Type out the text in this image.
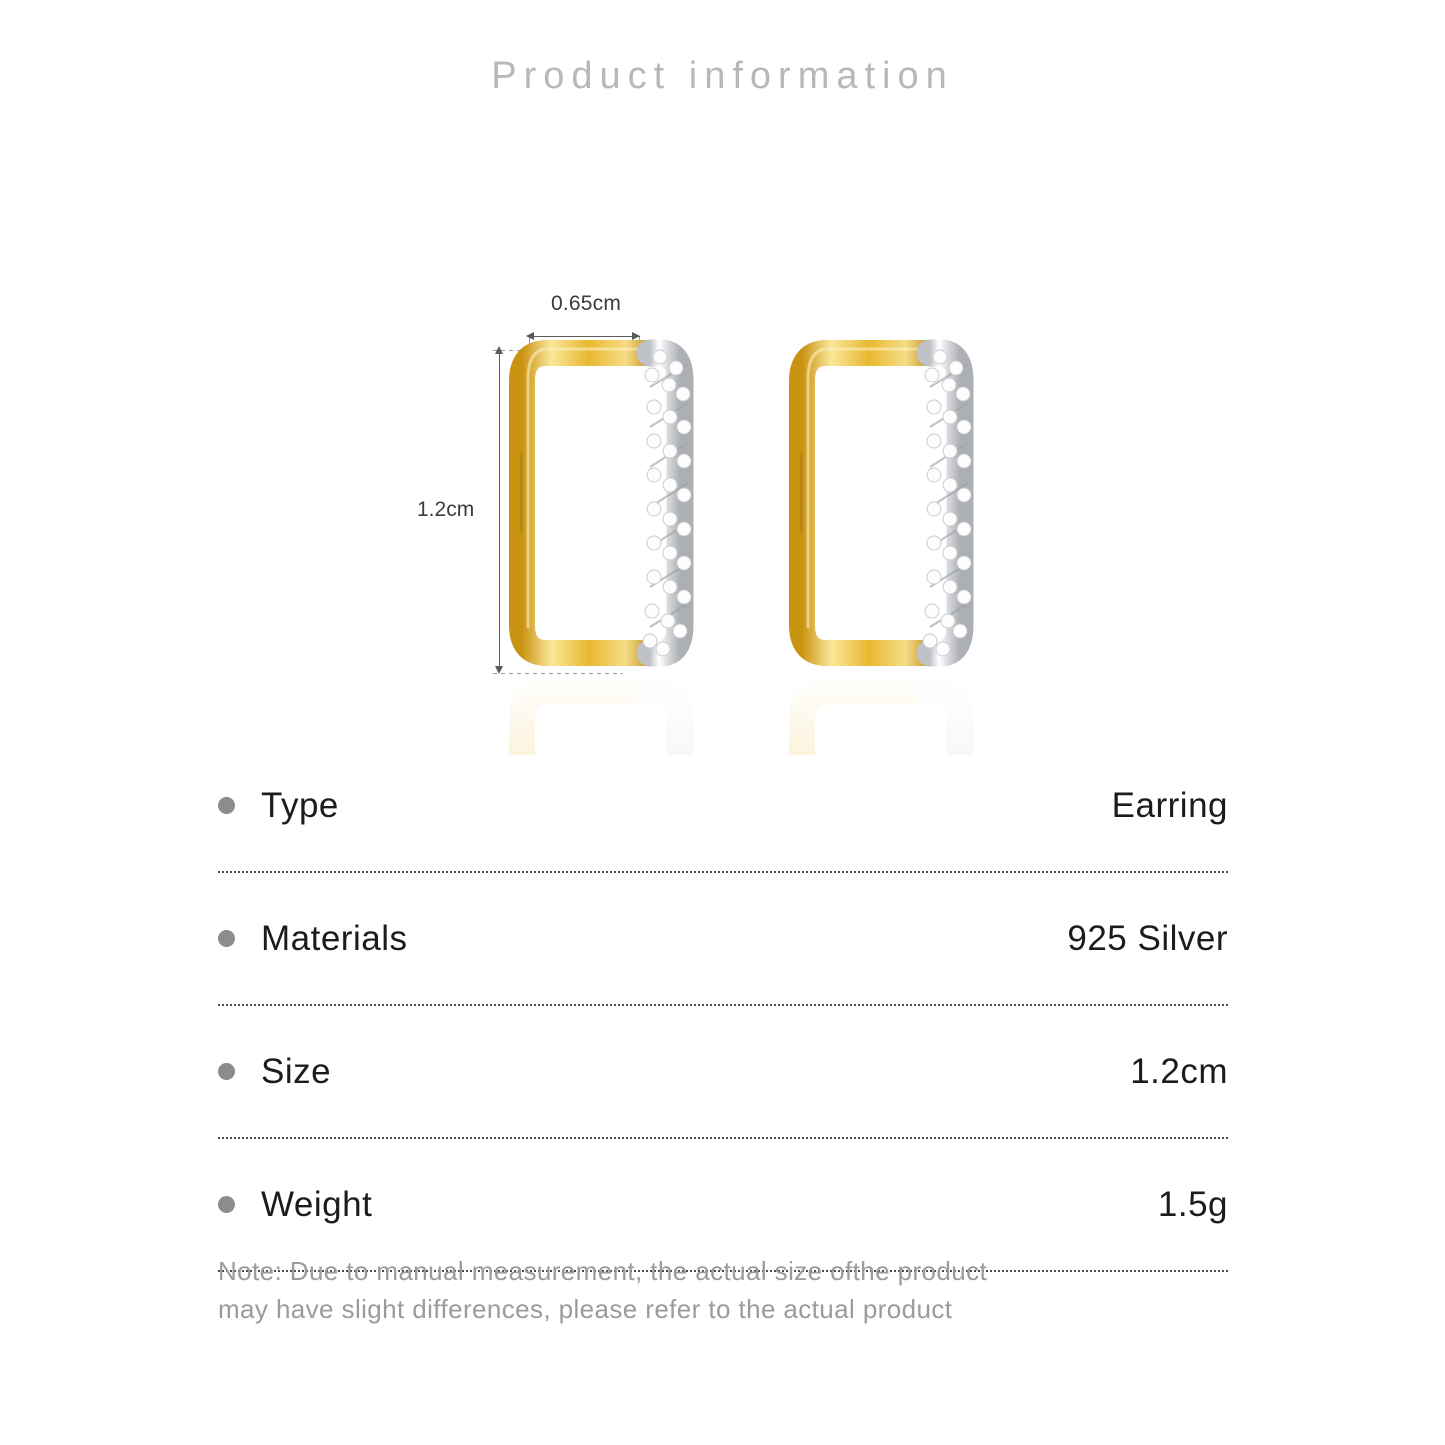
Product information
0.65cm
1.2cm
Type	Earring
Materials	925 Silver
Size	1.2cm
Weight	1.5g
Note: Due to manual measurement, the actual size ofthe product
may have slight differences, please refer to the actual product
